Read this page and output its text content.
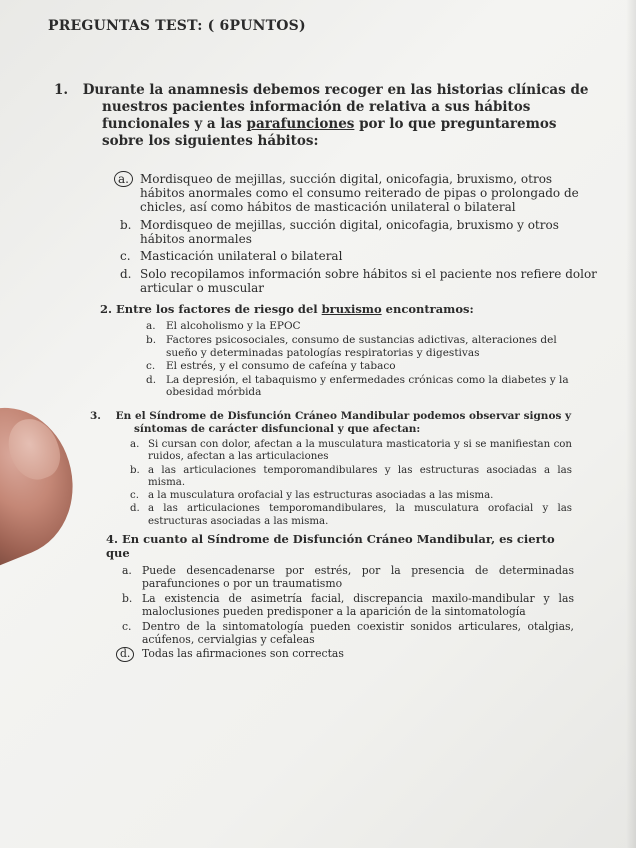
PREGUNTAS TEST: ( 6PUNTOS)
1. Durante la anamnesis debemos recoger en las historias clínicas de nuestros pacientes información de relativa a sus hábitos funcionales y a las parafunciones por lo que preguntaremos sobre los siguientes hábitos:
a. Mordisqueo de mejillas, succión digital, onicofagia, bruxismo, otros hábitos anormales como el consumo reiterado de pipas o prolongado de chicles, así como hábitos de masticación unilateral o bilateral
b. Mordisqueo de mejillas, succión digital, onicofagia, bruxismo y otros hábitos anormales
c. Masticación unilateral o bilateral
d. Solo recopilamos información sobre hábitos si el paciente nos refiere dolor articular o muscular
2. Entre los factores de riesgo del bruxismo encontramos:
a. El alcoholismo y la EPOC
b. Factores psicosociales, consumo de sustancias adictivas, alteraciones del sueño y determinadas patologías respiratorias y digestivas
c. El estrés, y el consumo de cafeína y tabaco
d. La depresión, el tabaquismo y enfermedades crónicas como la diabetes y la obesidad mórbida
3. En el Síndrome de Disfunción Cráneo Mandibular podemos observar signos y síntomas de carácter disfuncional y que afectan:
a. Si cursan con dolor, afectan a la musculatura masticatoria y si se manifiestan con ruidos, afectan a las articulaciones
b. a las articulaciones temporomandibulares y las estructuras asociadas a las misma.
c. a la musculatura orofacial y las estructuras asociadas a las misma.
d. a las articulaciones temporomandibulares, la musculatura orofacial y las estructuras asociadas a las misma.
4. En cuanto al Síndrome de Disfunción Cráneo Mandibular, es cierto que
a. Puede desencadenarse por estrés, por la presencia de determinadas parafunciones o por un traumatismo
b. La existencia de asimetría facial, discrepancia maxilo-mandibular y las maloclusiones pueden predisponer a la aparición de la sintomatología
c. Dentro de la sintomatología pueden coexistir sonidos articulares, otalgias, acúfenos, cervialgias y cefaleas
d.	Todas las afirmaciones son correctas
